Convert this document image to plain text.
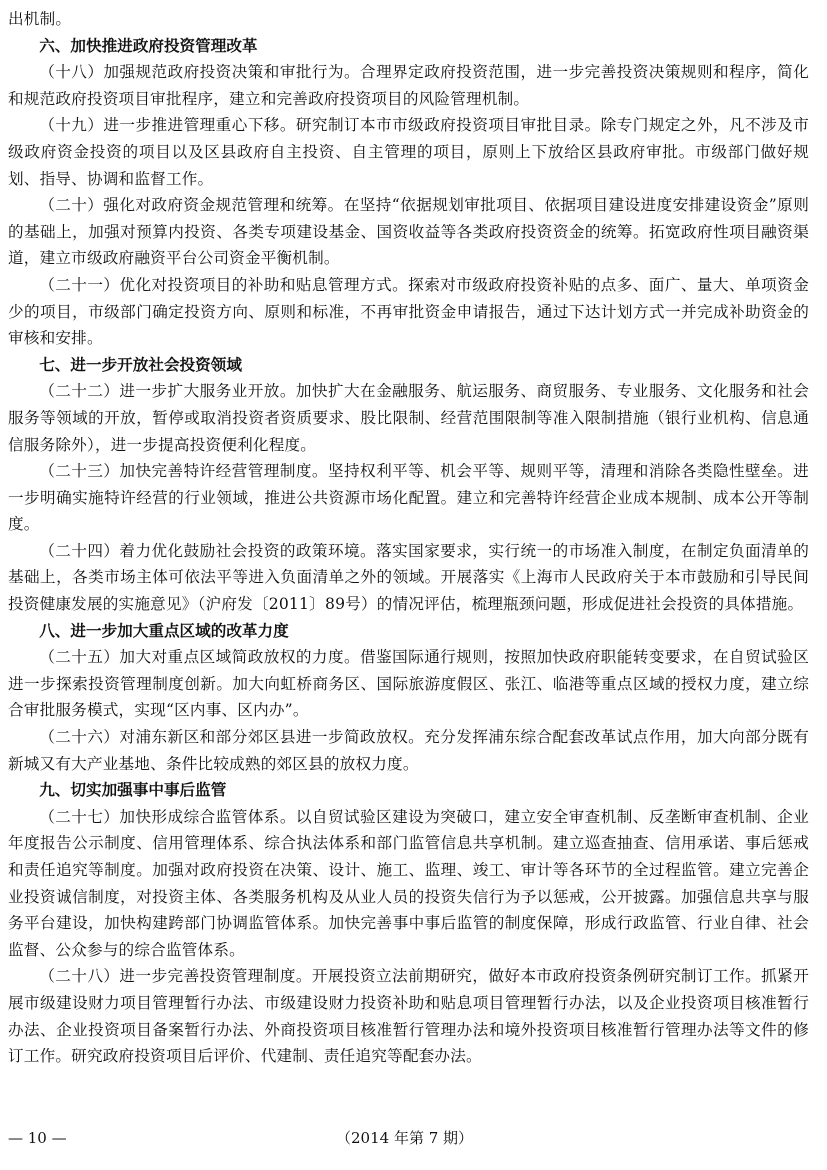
出机制。

六、加快推进政府投资管理改革

（十八）加强规范政府投资决策和审批行为。合理界定政府投资范围，进一步完善投资决策规则和程序，简化和规范政府投资项目审批程序，建立和完善政府投资项目的风险管理机制。

（十九）进一步推进管理重心下移。研究制订本市市级政府投资项目审批目录。除专门规定之外，凡不涉及市级政府资金投资的项目以及区县政府自主投资、自主管理的项目，原则上下放给区县政府审批。市级部门做好规划、指导、协调和监督工作。

（二十）强化对政府资金规范管理和统筹。在坚持“依据规划审批项目、依据项目建设进度安排建设资金”原则的基础上，加强对预算内投资、各类专项建设基金、国资收益等各类政府投资资金的统筹。拓宽政府性项目融资渠道，建立市级政府融资平台公司资金平衡机制。

（二十一）优化对投资项目的补助和贴息管理方式。探索对市级政府投资补贴的点多、面广、量大、单项资金少的项目，市级部门确定投资方向、原则和标准，不再审批资金申请报告，通过下达计划方式一并完成补助资金的审核和安排。

七、进一步开放社会投资领域

（二十二）进一步扩大服务业开放。加快扩大在金融服务、航运服务、商贸服务、专业服务、文化服务和社会服务等领域的开放，暂停或取消投资者资质要求、股比限制、经营范围限制等准入限制措施（银行业机构、信息通信服务除外），进一步提高投资便利化程度。

（二十三）加快完善特许经营管理制度。坚持权利平等、机会平等、规则平等，清理和消除各类隐性壁垒。进一步明确实施特许经营的行业领域，推进公共资源市场化配置。建立和完善特许经营企业成本规制、成本公开等制度。

（二十四）着力优化鼓励社会投资的政策环境。落实国家要求，实行统一的市场准入制度，在制定负面清单的基础上，各类市场主体可依法平等进入负面清单之外的领域。开展落实《上海市人民政府关于本市鼓励和引导民间投资健康发展的实施意见》（沪府发〔2011〕89号）的情况评估，梳理瓶颈问题，形成促进社会投资的具体措施。

八、进一步加大重点区域的改革力度

（二十五）加大对重点区域简政放权的力度。借鉴国际通行规则，按照加快政府职能转变要求，在自贸试验区进一步探索投资管理制度创新。加大向虹桥商务区、国际旅游度假区、张江、临港等重点区域的授权力度，建立综合审批服务模式，实现“区内事、区内办”。

（二十六）对浦东新区和部分郊区县进一步简政放权。充分发挥浦东综合配套改革试点作用，加大向部分既有新城又有大产业基地、条件比较成熟的郊区县的放权力度。

九、切实加强事中事后监管

（二十七）加快形成综合监管体系。以自贸试验区建设为突破口，建立安全审查机制、反垄断审查机制、企业年度报告公示制度、信用管理体系、综合执法体系和部门监管信息共享机制。建立巡查抽查、信用承诺、事后惩戒和责任追究等制度。加强对政府投资在决策、设计、施工、监理、竣工、审计等各环节的全过程监管。建立完善企业投资诚信制度，对投资主体、各类服务机构及从业人员的投资失信行为予以惩戒，公开披露。加强信息共享与服务平台建设，加快构建跨部门协调监管体系。加快完善事中事后监管的制度保障，形成行政监管、行业自律、社会监督、公众参与的综合监管体系。

（二十八）进一步完善投资管理制度。开展投资立法前期研究，做好本市政府投资条例研究制订工作。抓紧开展市级建设财力项目管理暂行办法、市级建设财力投资补助和贴息项目管理暂行办法，以及企业投资项目核准暂行办法、企业投资项目备案暂行办法、外商投资项目核准暂行管理办法和境外投资项目核准暂行管理办法等文件的修订工作。研究政府投资项目后评价、代建制、责任追究等配套办法。

— 10 —	（2014 年第 7 期）
